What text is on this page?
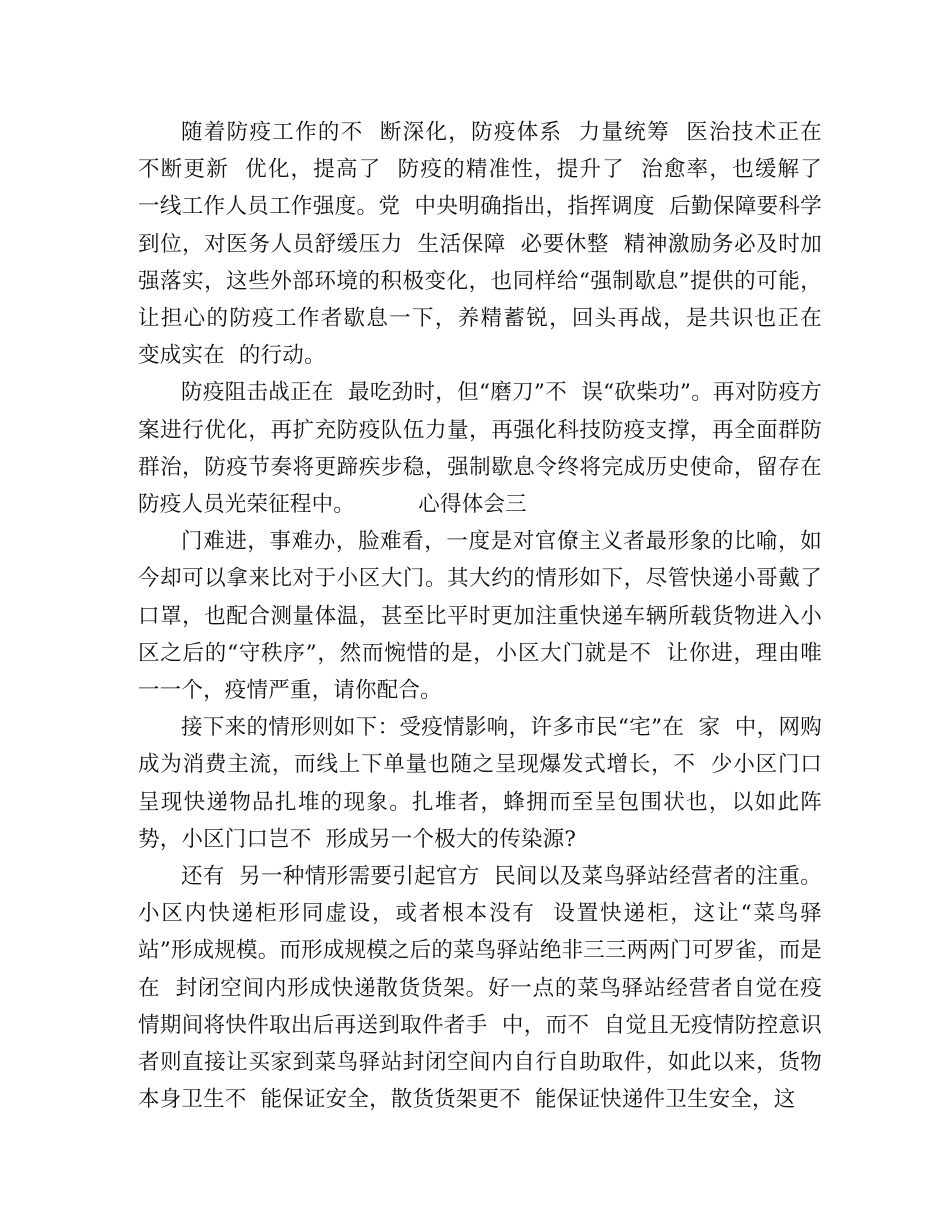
随着防疫工作的不  断深化，防疫体系  力量统筹  医治技术正在  不断更新  优化，提高了  防疫的精准性，提升了  治愈率，也缓解了  一线工作人员工作强度。党  中央明确指出，指挥调度  后勤保障要科学到位，对医务人员舒缓压力  生活保障  必要休整  精神激励务必及时加强落实，这些外部环境的积极变化，也同样给“强制歇息”提供的可能，让担心的防疫工作者歇息一下，养精蓄锐，回头再战，是共识也正在  变成实在  的行动。

防疫阻击战正在  最吃劲时，但“磨刀”不  误“砍柴功”。再对防疫方案进行优化，再扩充防疫队伍力量，再强化科技防疫支撑，再全面群防群治，防疫节奏将更蹄疾步稳，强制歇息令终将完成历史使命，留存在  防疫人员光荣征程中。         心得体会三

门难进，事难办，脸难看，一度是对官僚主义者最形象的比喻，如今却可以拿来比对于小区大门。其大约的情形如下，尽管快递小哥戴了口罩，也配合测量体温，甚至比平时更加注重快递车辆所载货物进入小区之后的“守秩序”，然而惋惜的是，小区大门就是不  让你进，理由唯一一个，疫情严重，请你配合。

接下来的情形则如下：受疫情影响，许多市民“宅”在  家  中，网购成为消费主流，而线上下单量也随之呈现爆发式增长，不  少小区门口呈现快递物品扎堆的现象。扎堆者，蜂拥而至呈包围状也，以如此阵势，小区门口岂不  形成另一个极大的传染源?

还有  另一种情形需要引起官方  民间以及菜鸟驿站经营者的注重。小区内快递柜形同虚设，或者根本没有  设置快递柜，这让“菜鸟驿站”形成规模。而形成规模之后的菜鸟驿站绝非三三两两门可罗雀，而是在  封闭空间内形成快递散货货架。好一点的菜鸟驿站经营者自觉在疫情期间将快件取出后再送到取件者手  中，而不  自觉且无疫情防控意识者则直接让买家到菜鸟驿站封闭空间内自行自助取件，如此以来，货物本身卫生不  能保证安全，散货货架更不  能保证快递件卫生安全，这
